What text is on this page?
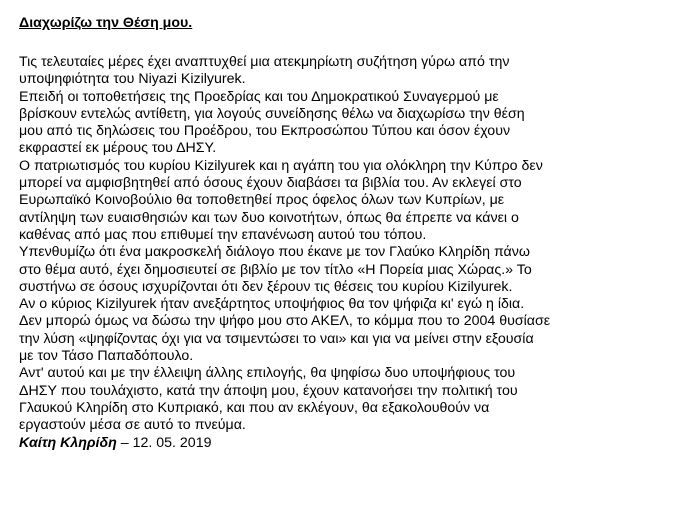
Διαχωρίζω την Θέση μου.

Τις τελευταίες μέρες έχει αναπτυχθεί μια ατεκμηρίωτη συζήτηση γύρω από την

υποψηφιότητα του Niyazi Kizilyurek.

Επειδή οι τοποθετήσεις της Προεδρίας και του Δημοκρατικού Συναγερμού με

βρίσκουν εντελώς αντίθετη, για λογούς συνείδησης θέλω να διαχωρίσω την θέση

μου από τις δηλώσεις του Προέδρου, του Εκπροσώπου Τύπου και όσον έχουν

εκφραστεί εκ μέρους του ΔΗΣΥ.

Ο πατριωτισμός του κυρίου Kizilyurek και η αγάπη του για ολόκληρη την Κύπρο δεν

μπορεί να αμφισβητηθεί από όσους έχουν διαβάσει τα βιβλία του. Αν εκλεγεί στο

Ευρωπαϊκό Κοινοβούλιο θα τοποθετηθεί προς όφελος όλων των Κυπρίων, με

αντίληψη των ευαισθησιών και των δυο κοινοτήτων, όπως θα έπρεπε να κάνει ο

καθένας από μας που επιθυμεί την επανένωση αυτού του τόπου.

Υπενθυμίζω ότι ένα μακροσκελή διάλογο που έκανε με τον Γλαύκο Κληρίδη πάνω

στο θέμα αυτό, έχει δημοσιευτεί σε βιβλίο με τον τίτλο «Η Πορεία μιας Χώρας.» Το

συστήνω σε όσους ισχυρίζονται ότι δεν ξέρουν τις θέσεις του κυρίου Kizilyurek.

Αν ο κύριος Kizilyurek ήταν ανεξάρτητος υποψήφιος θα τον ψήφιζα κι' εγώ η ίδια.

Δεν μπορώ όμως να δώσω την ψήφο μου στο ΑΚΕΛ, το κόμμα που το 2004 θυσίασε

την λύση «ψηφίζοντας όχι για να τσιμεντώσει το ναι» και για να μείνει στην εξουσία

με τον Τάσο Παπαδόπουλο.

Αντ' αυτού και με την έλλειψη άλλης επιλογής, θα ψηφίσω δυο υποψήφιους του

ΔΗΣΥ που τουλάχιστο, κατά την άποψη μου, έχουν κατανοήσει την πολιτική του

Γλαυκού Κληρίδη στο Κυπριακό, και που αν εκλέγουν, θα εξακολουθούν να

εργαστούν μέσα σε αυτό το πνεύμα.

Καίτη Κληρίδη – 12. 05. 2019
